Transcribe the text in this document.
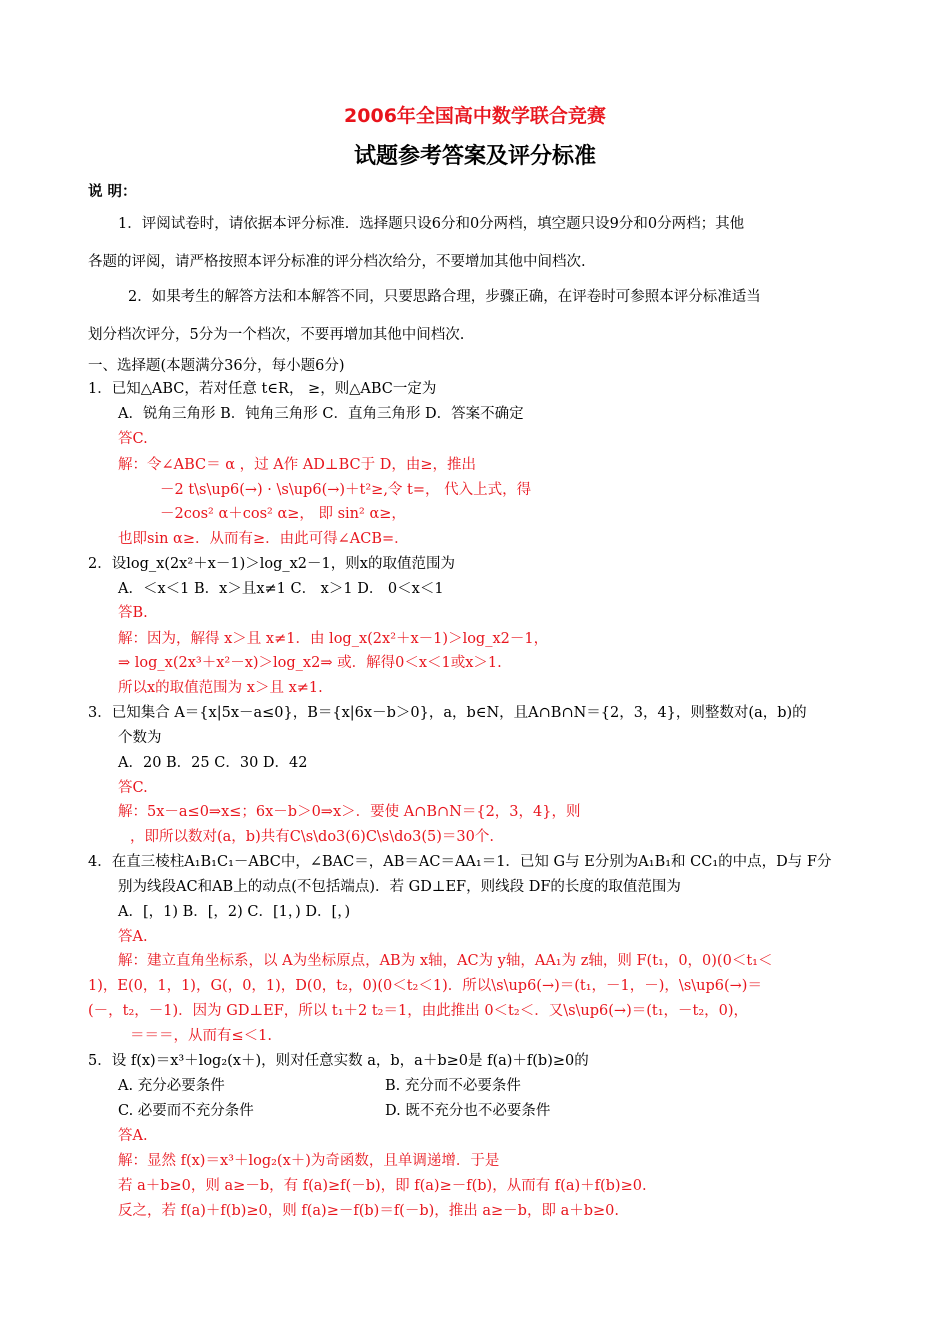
2006年全国高中数学联合竞赛
试题参考答案及评分标准
说 明：
1．评阅试卷时，请依据本评分标准．选择题只设6分和0分两档，填空题只设9分和0分两档；其他
各题的评阅，请严格按照本评分标准的评分档次给分，不要增加其他中间档次.
2．如果考生的解答方法和本解答不同，只要思路合理，步骤正确，在评卷时可参照本评分标准适当
划分档次评分，5分为一个档次，不要再增加其他中间档次.
一、选择题(本题满分36分，每小题6分)
1．已知△ABC，若对任意 t∈R， ≥，则△ABC一定为
A．锐角三角形 B．钝角三角形 C．直角三角形 D．答案不确定
答C.
解：令∠ABC＝ α ，过 A作 AD⊥BC于 D，由≥，推出
－2 t\s\up6(→) · \s\up6(→)＋t²≥,令 t=， 代入上式，得
－2cos² α＋cos² α≥， 即 sin² α≥，
也即sin α≥．从而有≥．由此可得∠ACB=．
2．设log_x(2x²＋x－1)＞log_x2－1，则x的取值范围为
A．＜x＜1 B．x＞且x≠1 C． x＞1 D． 0＜x＜1
答B.
解：因为，解得 x＞且 x≠1．由 log_x(2x²＋x－1)＞log_x2－1，
⇒ log_x(2x³＋x²－x)＞log_x2⇒ 或．解得0＜x＜1或x＞1.
所以x的取值范围为 x＞且 x≠1.
3．已知集合 A＝{x|5x－a≤0}，B＝{x|6x－b＞0}，a，b∈N，且A∩B∩N＝{2，3，4}，则整数对(a，b)的
个数为
A．20 B．25 C．30 D．42
答C.
解：5x－a≤0⇒x≤；6x－b＞0⇒x＞．要使 A∩B∩N＝{2，3，4}，则
，即所以数对(a，b)共有C\s\do3(6)C\s\do3(5)＝30个.
4．在直三棱柱A₁B₁C₁－ABC中，∠BAC＝，AB＝AC＝AA₁＝1．已知 G与 E分别为A₁B₁和 CC₁的中点，D与 F分
别为线段AC和AB上的动点(不包括端点)．若 GD⊥EF，则线段 DF的长度的取值范围为
A．[，1) B．[，2) C．[1，) D．[，)
答A.
解：建立直角坐标系，以 A为坐标原点，AB为 x轴，AC为 y轴，AA₁为 z轴，则 F(t₁，0，0)(0＜t₁＜
1)，E(0，1，1)，G(，0，1)，D(0，t₂，0)(0＜t₂＜1)．所以\s\up6(→)＝(t₁，－1，－)，\s\up6(→)＝
(－，t₂，－1)．因为 GD⊥EF，所以 t₁＋2 t₂＝1，由此推出 0＜t₂＜．又\s\up6(→)＝(t₁，－t₂，0)，
＝＝＝，从而有≤＜1.
5．设 f(x)＝x³＋log₂(x＋)，则对任意实数 a，b，a＋b≥0是 f(a)＋f(b)≥0的
A. 充分必要条件	B. 充分而不必要条件
C. 必要而不充分条件	D. 既不充分也不必要条件
答A.
解：显然 f(x)＝x³＋log₂(x＋)为奇函数，且单调递增．于是
若 a＋b≥0，则 a≥－b，有 f(a)≥f(－b)，即 f(a)≥－f(b)，从而有 f(a)＋f(b)≥0.
反之，若 f(a)＋f(b)≥0，则 f(a)≥－f(b)＝f(－b)，推出 a≥－b，即 a＋b≥0.
